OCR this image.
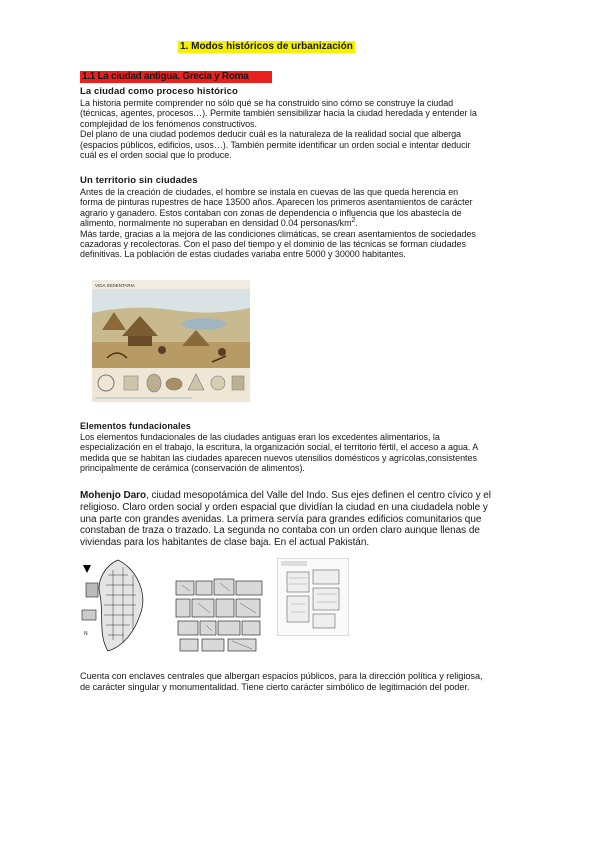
1. Modos históricos de urbanización
1.1 La ciudad antigua. Grecia y Roma
La ciudad como proceso histórico
La historia permite comprender no sólo qué se ha construido sino cómo se construye la ciudad
(técnicas, agentes, procesos…). Permite también sensibilizar hacia la ciudad heredada y entender la
complejidad de los fenómenos constructivos.
Del plano de una ciudad podemos deducir cuál es la naturaleza de la realidad social que alberga
(espacios públicos, edificios, usos…). También permite identificar un orden social e intentar deducir
cuál es el orden social que lo produce.
Un territorio sin ciudades
Antes de la creación de ciudades, el hombre se instala en cuevas de las que queda herencia en
forma de pinturas rupestres de hace 13500 años. Aparecen los primeros asentamientos de carácter
agrario y ganadero. Estos contaban con zonas de dependencia o influencia que los abastecía de
alimento, normalmente no superaban en densidad 0.04 personas/$km^2$.
Más tarde, gracias a la mejora de las condiciones climáticas, se crean asentamientos de sociedades
cazadoras y recolectoras. Con el paso del tiempo y el dominio de las técnicas se forman ciudades
definitivas. La población de estas ciudades variaba entre 5000 y 30000 habitantes.
VIDA SEDENTARIA
Elementos fundacionales
Los elementos fundacionales de las ciudades antiguas eran los excedentes alimentarios, la
especialización en el trabajo, la escritura, la organización social, el territorio fértil, el acceso a agua. A
medida que se habitan las ciudades aparecen nuevos utensilios domésticos y agrícolas,consistentes
principalmente de cerámica (conservación de alimentos).
Mohenjo Daro, ciudad mesopotámica del Valle del Indo. Sus ejes definen el centro cívico y el
religioso. Claro orden social y orden espacial que dividían la ciudad en una ciudadela noble y
una parte con grandes avenidas. La primera servía para grandes edificios comunitarios que
constaban de traza o trazado. La segunda no contaba con un orden claro aunque llenas de
viviendas para los habitantes de clase baja. En el actual Pakistán.
N
Cuenta con enclaves centrales que albergan espacios públicos, para la dirección política y religiosa,
de carácter singular y monumentalidad. Tiene cierto carácter simbólico de legitimación del poder.
